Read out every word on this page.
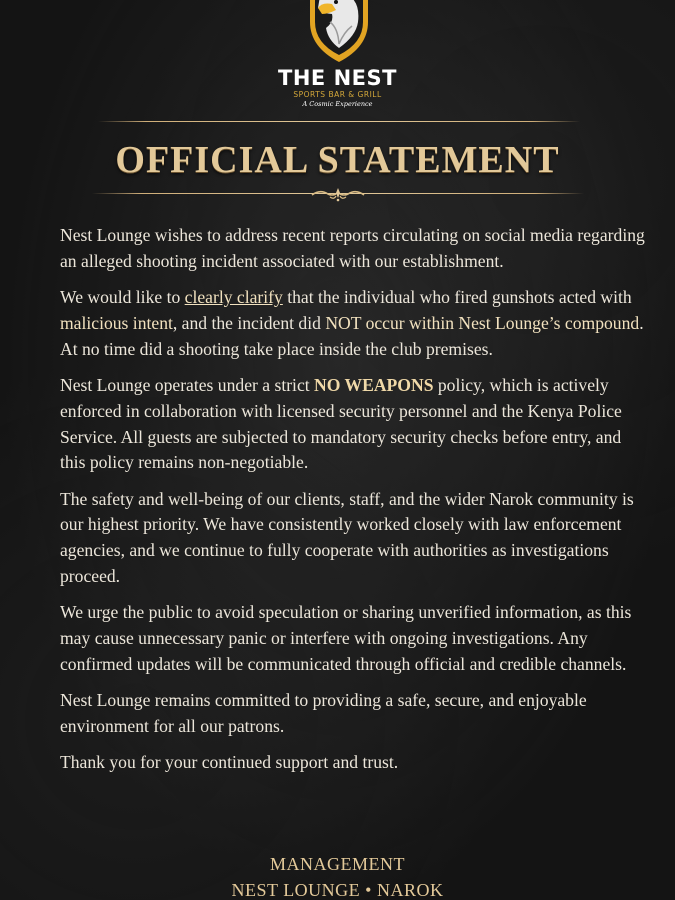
THE NEST
SPORTS BAR & GRILL
A Cosmic Experience
OFFICIAL STATEMENT

Nest Lounge wishes to address recent reports circulating on social media regarding an alleged shooting incident associated with our establishment.

We would like to clearly clarify that the individual who fired gunshots acted with malicious intent, and the incident did NOT occur within Nest Lounge’s compound. At no time did a shooting take place inside the club premises.

Nest Lounge operates under a strict NO WEAPONS policy, which is actively enforced in collaboration with licensed security personnel and the Kenya Police Service. All guests are subjected to mandatory security checks before entry, and this policy remains non-negotiable.

The safety and well-being of our clients, staff, and the wider Narok community is our highest priority. We have consistently worked closely with law enforcement agencies, and we continue to fully cooperate with authorities as investigations proceed.

We urge the public to avoid speculation or sharing unverified information, as this may cause unnecessary panic or interfere with ongoing investigations. Any confirmed updates will be communicated through official and credible channels.

Nest Lounge remains committed to providing a safe, secure, and enjoyable environment for all our patrons.

Thank you for your continued support and trust.

MANAGEMENT
NEST LOUNGE • NAROK
